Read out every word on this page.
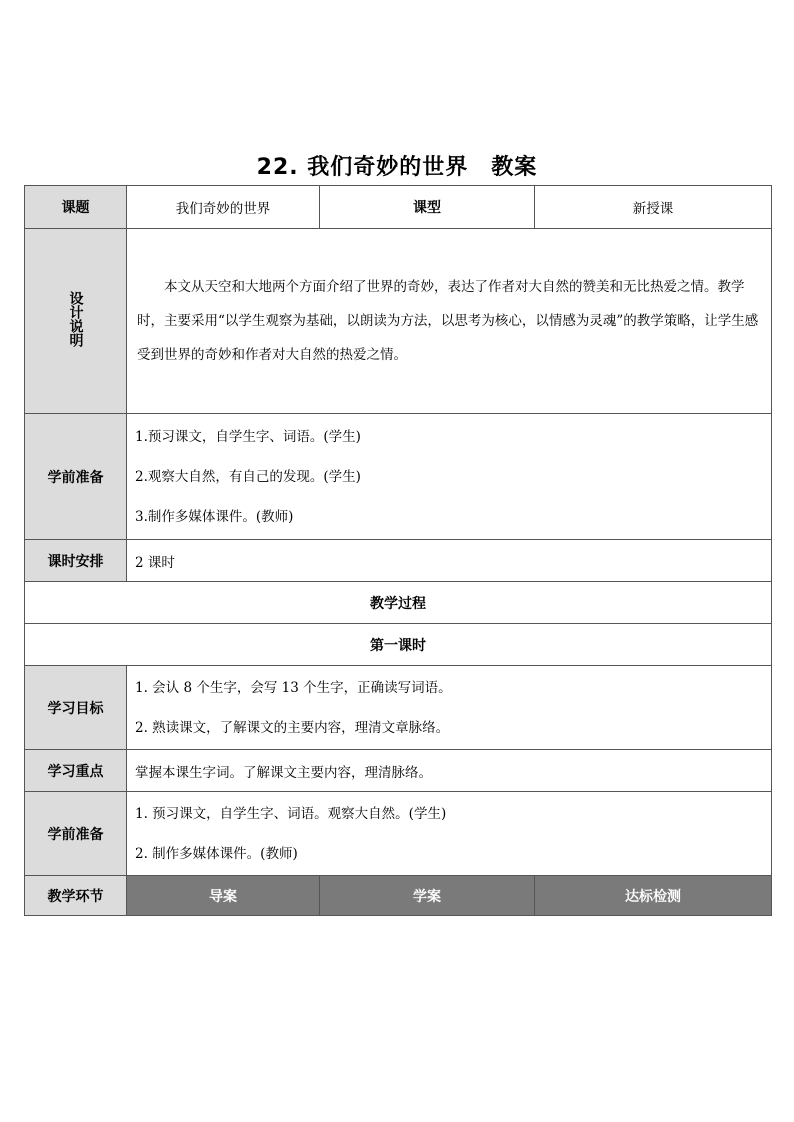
22. 我们奇妙的世界　教案
课题	我们奇妙的世界	课型	新授课
设计说明	本文从天空和大地两个方面介绍了世界的奇妙，表达了作者对大自然的赞美和无比热爱之情。教学时，主要采用“以学生观察为基础，以朗读为方法，以思考为核心，以情感为灵魂”的教学策略，让学生感受到世界的奇妙和作者对大自然的热爱之情。		
学前准备	1.预习课文，自学生字、词语。(学生)
2.观察大自然，有自己的发现。(学生)
3.制作多媒体课件。(教师)		

课时安排	2 课时		
教学过程			
第一课时			
学习目标	1. 会认 8 个生字，会写 13 个生字，正确读写词语。
2. 熟读课文，了解课文的主要内容，理清文章脉络。		

学习重点	掌握本课生字词。了解课文主要内容，理清脉络。		
学前准备	1. 预习课文，自学生字、词语。观察大自然。(学生)
2. 制作多媒体课件。(教师)		

教学环节	导案	学案	达标检测
